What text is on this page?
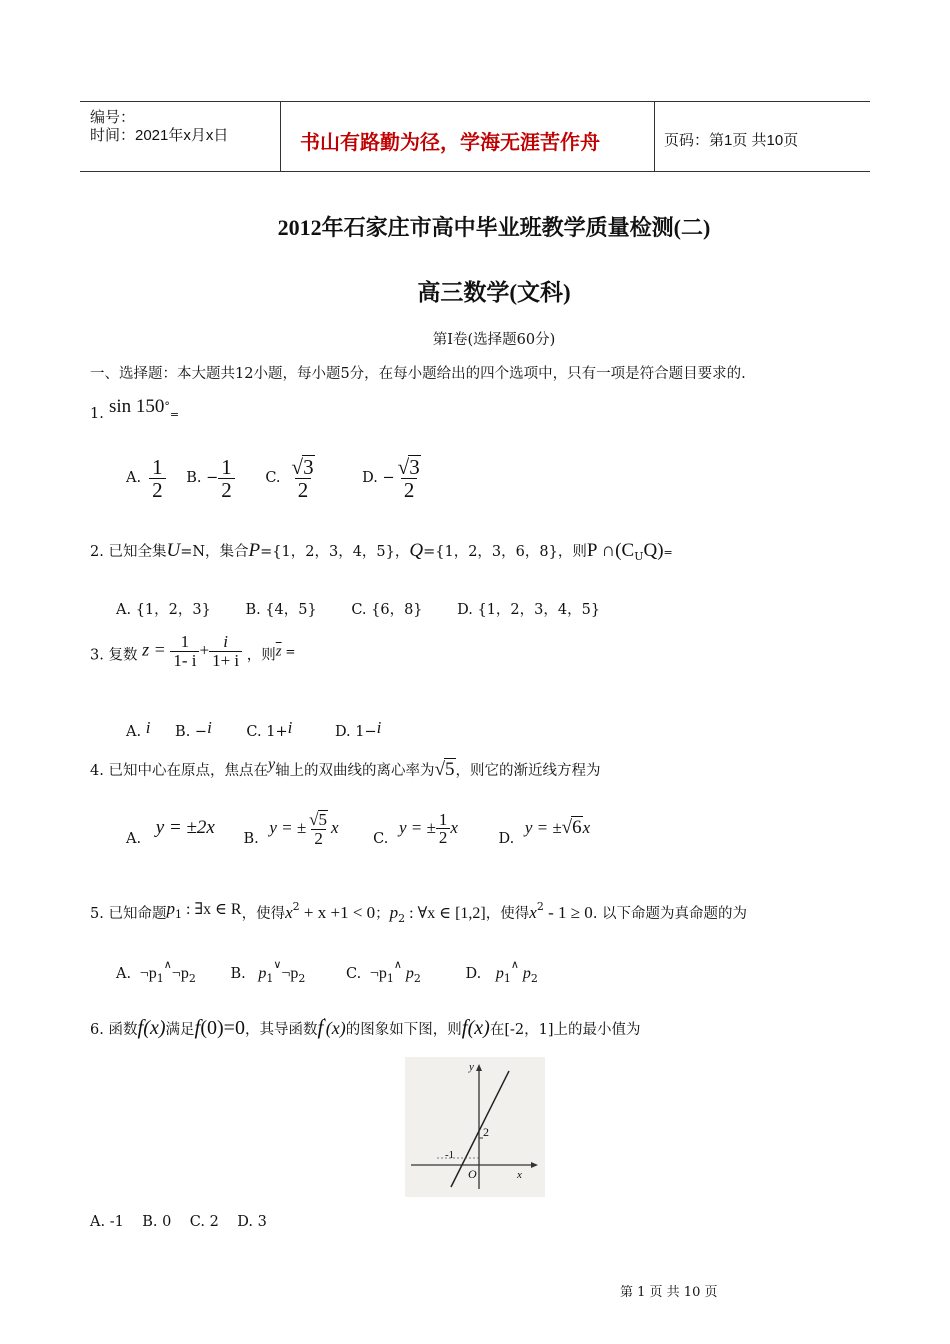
编号：
时间：2021年x月x日	书山有路勤为径，学海无涯苦作舟	页码：第1页 共10页
2012年石家庄市高中毕业班教学质量检测(二)
高三数学(文科)
第I卷(选择题60分)
一、选择题：本大题共12小题，每小题5分，在每小题给出的四个选项中，只有一项是符合题目要求的.
1. sin 150°=
A. $\frac{1}{2} B$. − $\frac{1}{2} C$. $\frac{√3}{2}$	D. − $\frac{√3}{2}$
2. 已知全集U=N，集合P={1，2，3，4，5}，Q={1，2，3，6，8}，则P $\cap(C_UQ)=$
A. {1，2，3} B. {4，5} C. {6，8} D. {1，2，3，4，5}
3. 复数 $z = \frac{1}{1- i} + \frac{i}{1+ i}$ ，则$\overline{z}$ =
A. i B. −i C. 1+i	D. 1−i
4. 已知中心在原点，焦点在y轴上的双曲线的离心率为√5，则它的渐近线方程为
A. y = ±2x B. y = ± $\frac{√5}{2}$ x C. y = ± $\frac{1}{2}$ x D. y = ±√6x
5. 已知命题p1 : ∃x ∈ R，使得$x^2 + x +1 < 0$；$p_2$ : ∀x ∈ [1,2]，使得$x^2 - 1 \ge 0$. 以下命题为真命题的为
A. $\neg p_1^\wedge\neg p_2$ B. $p_1^\vee\neg p_2$	C. $\neg p_1^\wedge p_2$	D. $p_1^\wedge p_2$
6. 函数f(x)满足f(0)=0，其导函数f′(x)的图象如下图，则f(x)在[-2，1]上的最小值为
y
x
O
-1
2
A. -1    B. 0    C. 2    D. 3
第 1 页 共 10 页
